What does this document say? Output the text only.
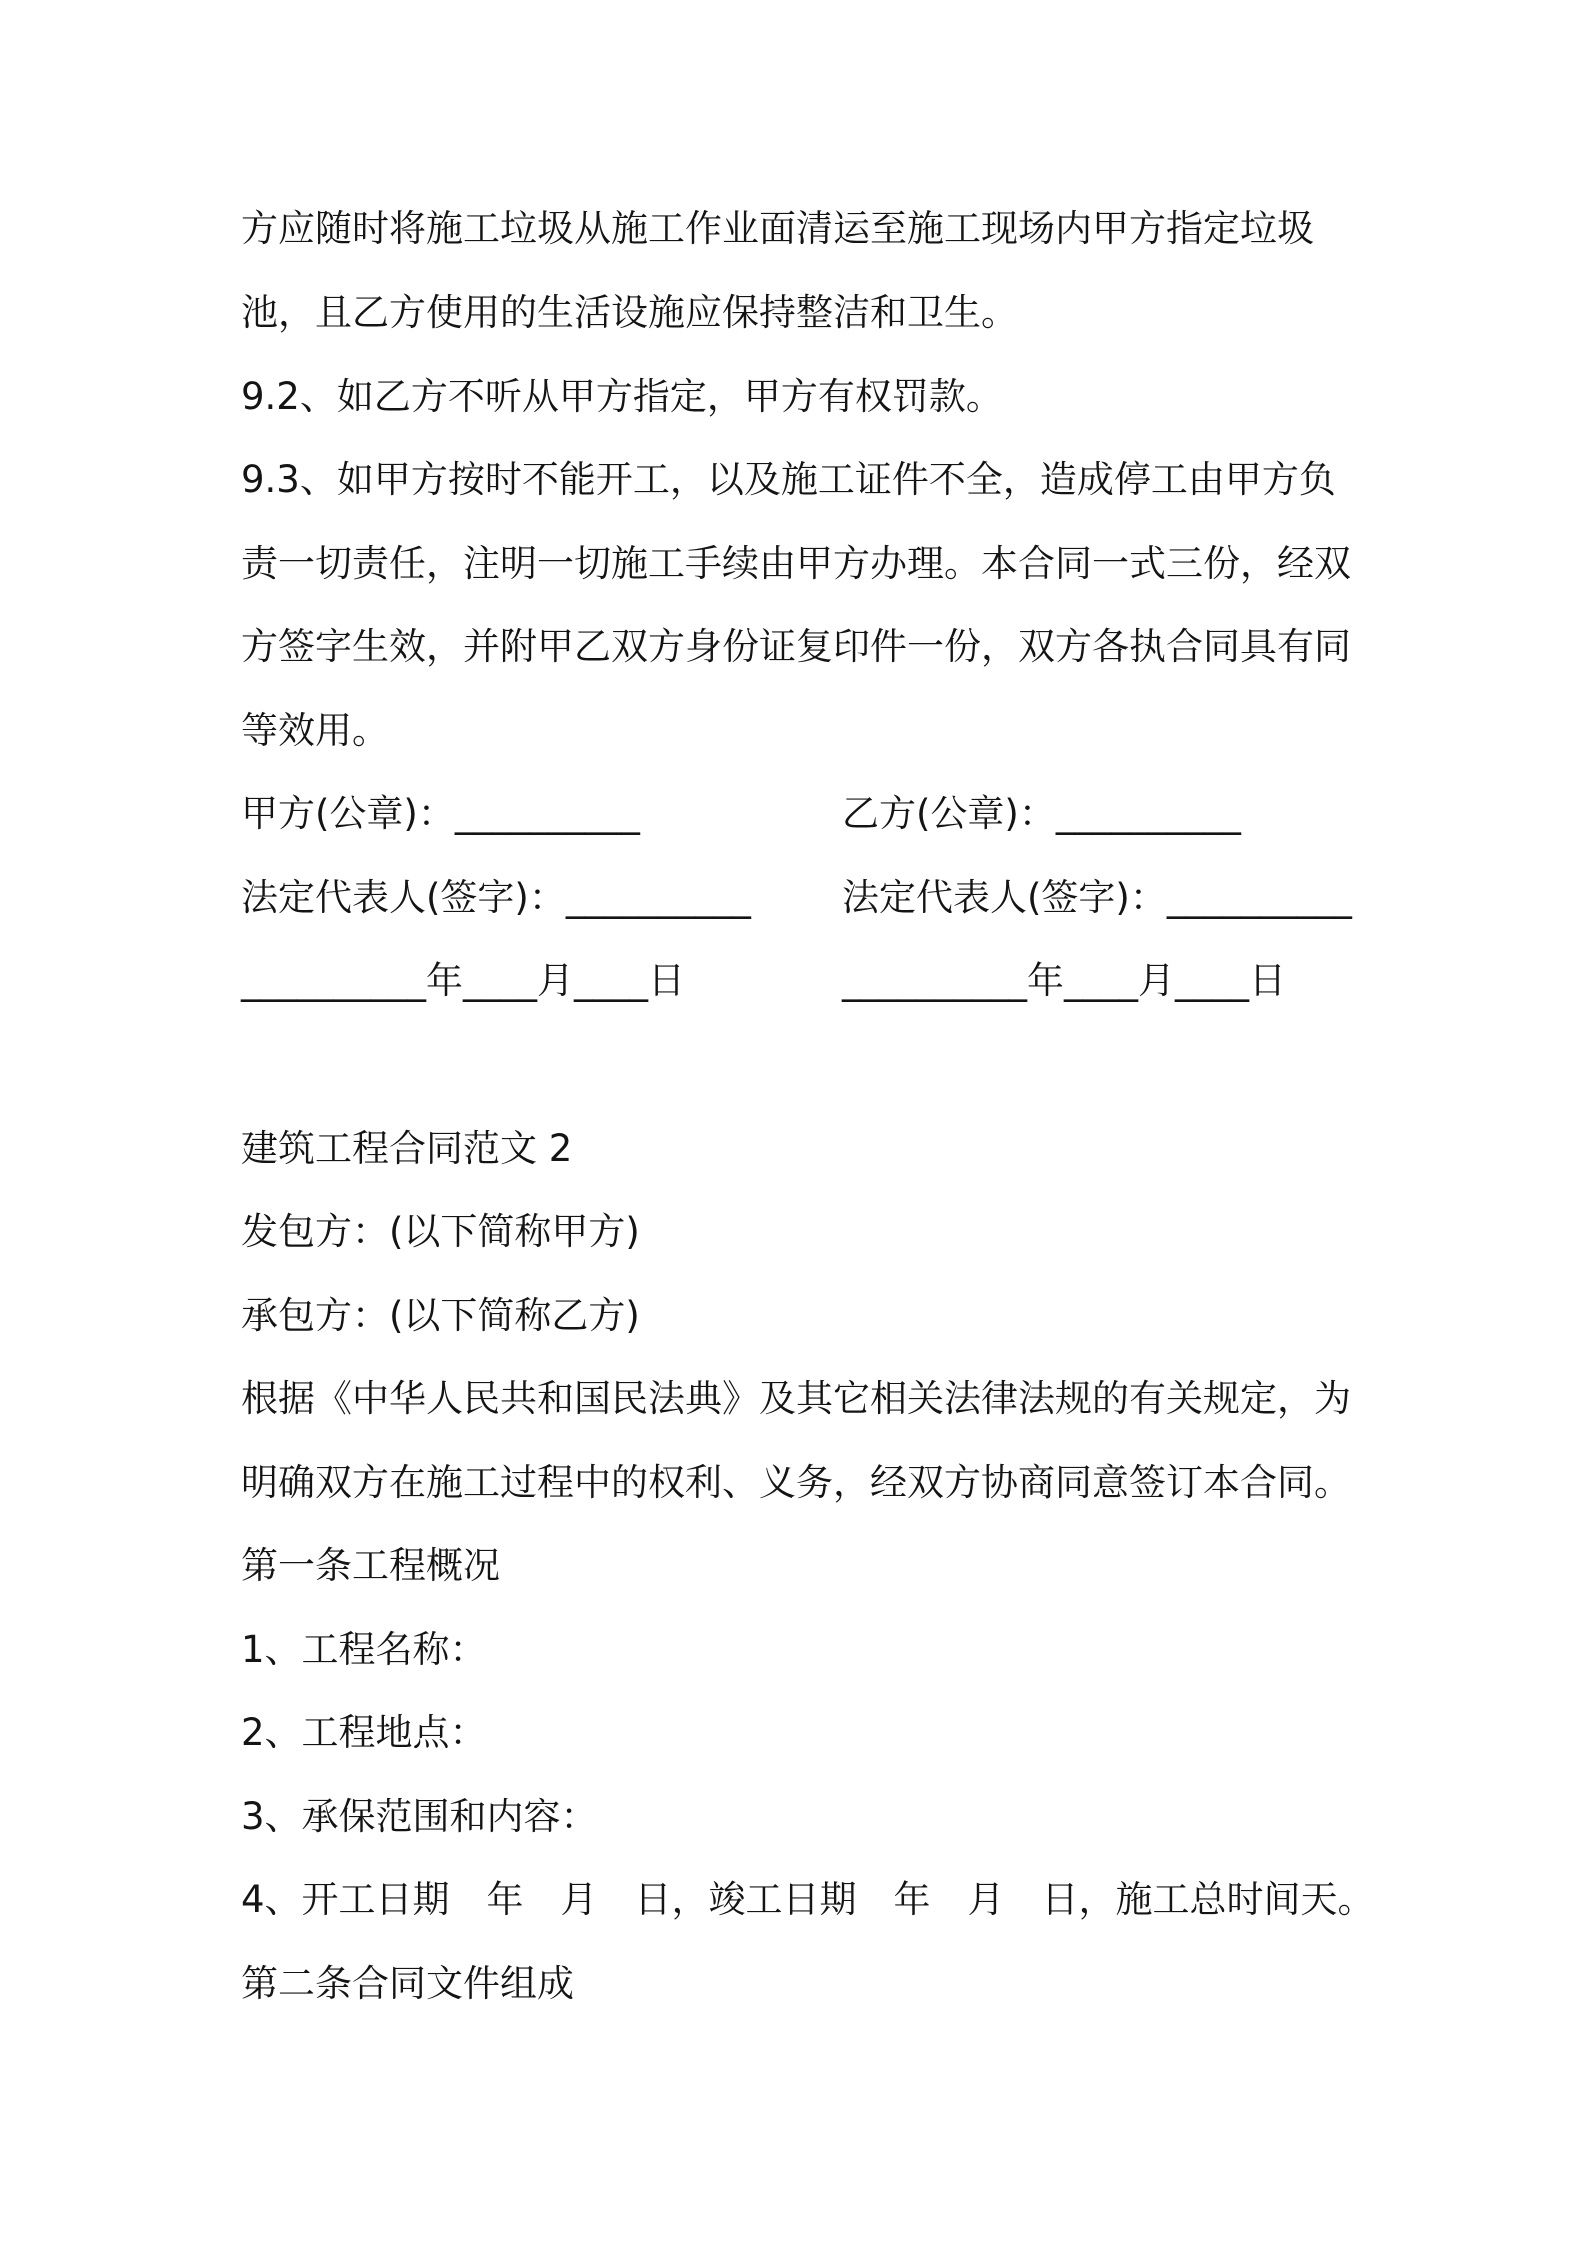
方应随时将施工垃圾从施工作业面清运至施工现场内甲方指定垃圾
池，且乙方使用的生活设施应保持整洁和卫生。
9.2、如乙方不听从甲方指定，甲方有权罚款。
9.3、如甲方按时不能开工，以及施工证件不全，造成停工由甲方负
责一切责任，注明一切施工手续由甲方办理。本合同一式三份，经双
方签字生效，并附甲乙双方身份证复印件一份，双方各执合同具有同
等效用。
甲方(公章)：__________	乙方(公章)：__________
法定代表人(签字)：__________ 法定代表人(签字)：__________
__________年____月____日	__________年____月____日
建筑工程合同范文 2
发包方：(以下简称甲方)
承包方：(以下简称乙方)
根据《中华人民共和国民法典》及其它相关法律法规的有关规定，为
明确双方在施工过程中的权利、义务，经双方协商同意签订本合同。
第一条工程概况
1、工程名称：
2、工程地点：
3、承保范围和内容：
4、开工日期　年　月　日，竣工日期　年　月　日，施工总时间天。
第二条合同文件组成
